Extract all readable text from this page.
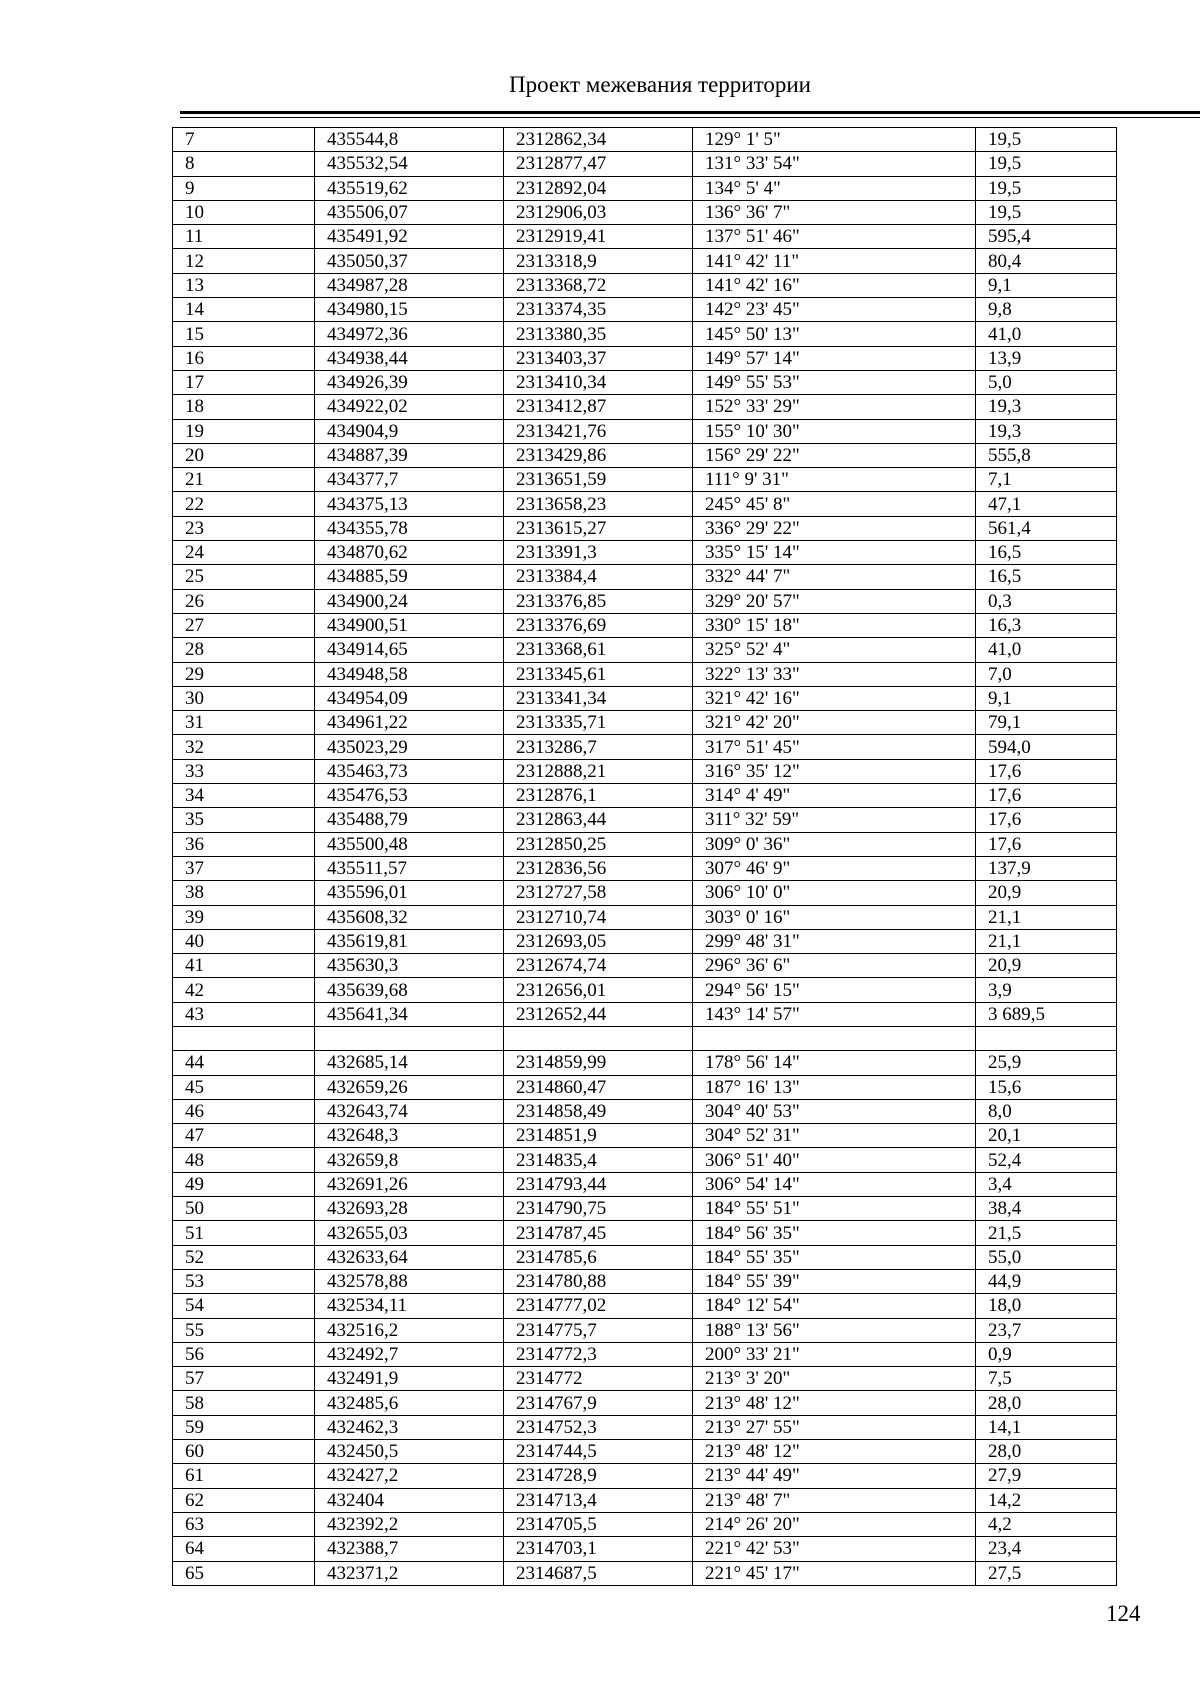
Проект межевания территории
7	435544,8	2312862,34	129° 1' 5"	19,5
8	435532,54	2312877,47	131° 33' 54"	19,5
9	435519,62	2312892,04	134° 5' 4"	19,5
10	435506,07	2312906,03	136° 36' 7"	19,5
11	435491,92	2312919,41	137° 51' 46"	595,4
12	435050,37	2313318,9	141° 42' 11"	80,4
13	434987,28	2313368,72	141° 42' 16"	9,1
14	434980,15	2313374,35	142° 23' 45"	9,8
15	434972,36	2313380,35	145° 50' 13"	41,0
16	434938,44	2313403,37	149° 57' 14"	13,9
17	434926,39	2313410,34	149° 55' 53"	5,0
18	434922,02	2313412,87	152° 33' 29"	19,3
19	434904,9	2313421,76	155° 10' 30"	19,3
20	434887,39	2313429,86	156° 29' 22"	555,8
21	434377,7	2313651,59	111° 9' 31"	7,1
22	434375,13	2313658,23	245° 45' 8"	47,1
23	434355,78	2313615,27	336° 29' 22"	561,4
24	434870,62	2313391,3	335° 15' 14"	16,5
25	434885,59	2313384,4	332° 44' 7"	16,5
26	434900,24	2313376,85	329° 20' 57"	0,3
27	434900,51	2313376,69	330° 15' 18"	16,3
28	434914,65	2313368,61	325° 52' 4"	41,0
29	434948,58	2313345,61	322° 13' 33"	7,0
30	434954,09	2313341,34	321° 42' 16"	9,1
31	434961,22	2313335,71	321° 42' 20"	79,1
32	435023,29	2313286,7	317° 51' 45"	594,0
33	435463,73	2312888,21	316° 35' 12"	17,6
34	435476,53	2312876,1	314° 4' 49"	17,6
35	435488,79	2312863,44	311° 32' 59"	17,6
36	435500,48	2312850,25	309° 0' 36"	17,6
37	435511,57	2312836,56	307° 46' 9"	137,9
38	435596,01	2312727,58	306° 10' 0"	20,9
39	435608,32	2312710,74	303° 0' 16"	21,1
40	435619,81	2312693,05	299° 48' 31"	21,1
41	435630,3	2312674,74	296° 36' 6"	20,9
42	435639,68	2312656,01	294° 56' 15"	3,9
43	435641,34	2312652,44	143° 14' 57"	3 689,5

44	432685,14	2314859,99	178° 56' 14"	25,9
45	432659,26	2314860,47	187° 16' 13"	15,6
46	432643,74	2314858,49	304° 40' 53"	8,0
47	432648,3	2314851,9	304° 52' 31"	20,1
48	432659,8	2314835,4	306° 51' 40"	52,4
49	432691,26	2314793,44	306° 54' 14"	3,4
50	432693,28	2314790,75	184° 55' 51"	38,4
51	432655,03	2314787,45	184° 56' 35"	21,5
52	432633,64	2314785,6	184° 55' 35"	55,0
53	432578,88	2314780,88	184° 55' 39"	44,9
54	432534,11	2314777,02	184° 12' 54"	18,0
55	432516,2	2314775,7	188° 13' 56"	23,7
56	432492,7	2314772,3	200° 33' 21"	0,9
57	432491,9	2314772	213° 3' 20"	7,5
58	432485,6	2314767,9	213° 48' 12"	28,0
59	432462,3	2314752,3	213° 27' 55"	14,1
60	432450,5	2314744,5	213° 48' 12"	28,0
61	432427,2	2314728,9	213° 44' 49"	27,9
62	432404	2314713,4	213° 48' 7"	14,2
63	432392,2	2314705,5	214° 26' 20"	4,2
64	432388,7	2314703,1	221° 42' 53"	23,4
65	432371,2	2314687,5	221° 45' 17"	27,5
124
